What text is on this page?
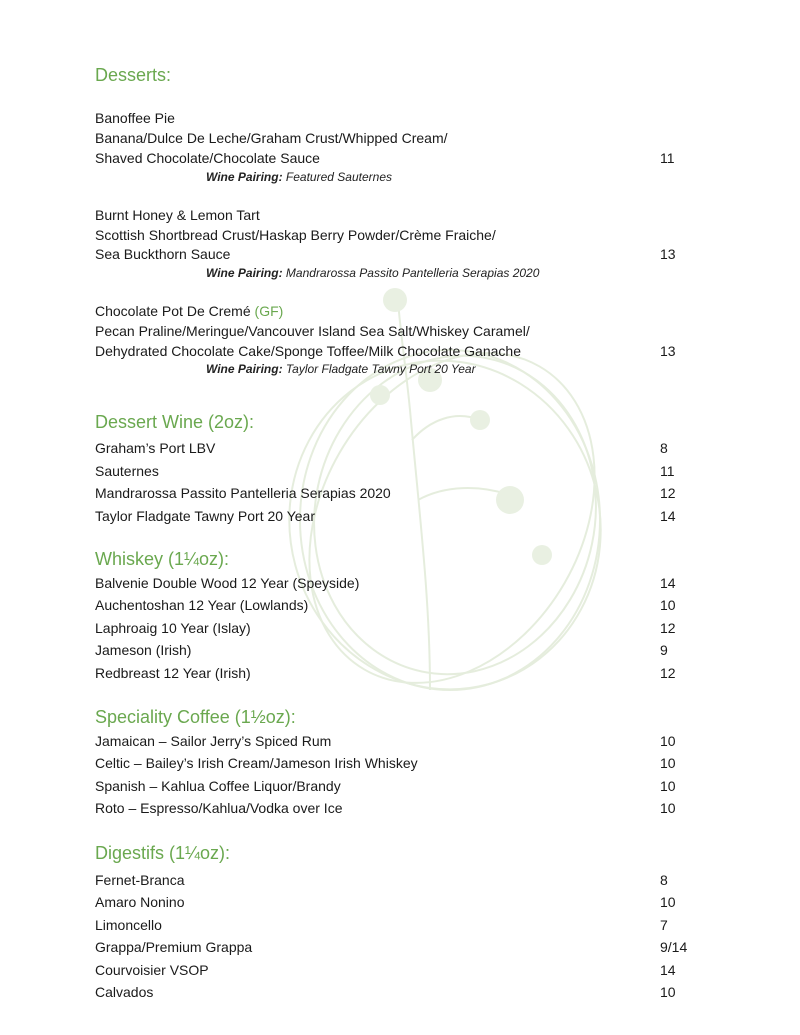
Desserts:
Banoffee Pie
Banana/Dulce De Leche/Graham Crust/Whipped Cream/
Shaved Chocolate/Chocolate Sauce	11
Wine Pairing: Featured Sauternes
Burnt Honey & Lemon Tart
Scottish Shortbread Crust/Haskap Berry Powder/Crème Fraiche/
Sea Buckthorn Sauce	13
Wine Pairing: Mandrarossa Passito Pantelleria Serapias 2020
Chocolate Pot De Cremé (GF)
Pecan Praline/Meringue/Vancouver Island Sea Salt/Whiskey Caramel/
Dehydrated Chocolate Cake/Sponge Toffee/Milk Chocolate Ganache	13
Wine Pairing: Taylor Fladgate Tawny Port 20 Year
Dessert Wine (2oz):
Graham’s Port LBV	8
Sauternes	11
Mandrarossa Passito Pantelleria Serapias 2020	12
Taylor Fladgate Tawny Port 20 Year	14
Whiskey (1¼oz):
Balvenie Double Wood 12 Year (Speyside)	14
Auchentoshan 12 Year (Lowlands)	10
Laphroaig 10 Year (Islay)	12
Jameson (Irish)	9
Redbreast 12 Year (Irish)	12
Speciality Coffee (1½oz):
Jamaican – Sailor Jerry’s Spiced Rum	10
Celtic – Bailey’s Irish Cream/Jameson Irish Whiskey	10
Spanish – Kahlua Coffee Liquor/Brandy	10
Roto – Espresso/Kahlua/Vodka over Ice	10
Digestifs (1¼oz):
Fernet-Branca	8
Amaro Nonino	10
Limoncello	7
Grappa/Premium Grappa	9/14
Courvoisier VSOP	14
Calvados	10
